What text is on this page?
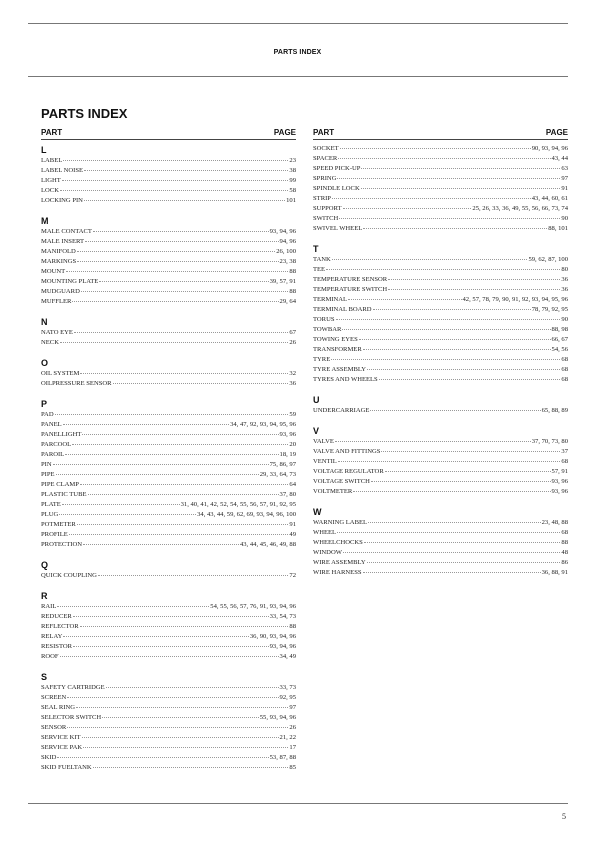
PARTS INDEX
PARTS INDEX
PART	PAGE
L
LABEL	23
LABEL NOISE	38
LIGHT	99
LOCK	58
LOCKING PIN	101
M
MALE CONTACT	93, 94, 96
MALE INSERT	94, 96
MANIFOLD	26, 100
MARKINGS	23, 38
MOUNT	88
MOUNTING PLATE	39, 57, 91
MUDGUARD	88
MUFFLER	29, 64
N
NATO EYE	67
NECK	26
O
OIL SYSTEM	32
OILPRESSURE SENSOR	36
P
PAD	59
PANEL	34, 47, 92, 93, 94, 95, 96
PANELLIGHT	93, 96
PARCOOL	20
PAROIL	18, 19
PIN	75, 86, 97
PIPE	29, 33, 64, 73
PIPE CLAMP	64
PLASTIC TUBE	37, 80
PLATE	31, 40, 41, 42, 52, 54, 55, 56, 57, 91, 92, 95
PLUG	34, 43, 44, 59, 62, 69, 93, 94, 96, 100
POTMETER	91
PROFILE	49
PROTECTION	43, 44, 45, 46, 49, 88
Q
QUICK COUPLING	72
R
RAIL	54, 55, 56, 57, 76, 91, 93, 94, 96
REDUCER	33, 54, 73
REFLECTOR	88
RELAY	36, 90, 93, 94, 96
RESISTOR	93, 94, 96
ROOF	34, 49
S
SAFETY CARTRIDGE	33, 73
SCREEN	92, 95
SEAL RING	97
SELECTOR SWITCH	55, 93, 94, 96
SENSOR	26
SERVICE KIT	21, 22
SERVICE PAK	17
SKID	53, 87, 88
SKID FUELTANK	85
PART	PAGE
SOCKET	90, 93, 94, 96
SPACER	43, 44
SPEED PICK-UP	63
SPRING	97
SPINDLE LOCK	91
STRIP	43, 44, 60, 61
SUPPORT	25, 26, 33, 36, 49, 55, 56, 66, 73, 74
SWITCH	90
SWIVEL WHEEL	88, 101
T
TANK	59, 62, 87, 100
TEE	80
TEMPERATURE SENSOR	36
TEMPERATURE SWITCH	36
TERMINAL	42, 57, 78, 79, 90, 91, 92, 93, 94, 95, 96
TERMINAL BOARD	78, 79, 92, 95
TORUS	90
TOWBAR	88, 98
TOWING EYES	66, 67
TRANSFORMER	54, 56
TYRE	68
TYRE ASSEMBLY	68
TYRES AND WHEELS	68
U
UNDERCARRIAGE	65, 88, 89
V
VALVE	37, 70, 73, 80
VALVE AND FITTINGS	37
VENTIL	68
VOLTAGE REGULATOR	57, 91
VOLTAGE SWITCH	93, 96
VOLTMETER	93, 96
W
WARNING LABEL	23, 48, 88
WHEEL	68
WHEELCHOCKS	88
WINDOW	48
WIRE ASSEMBLY	86
WIRE HARNESS	36, 88, 91
5
